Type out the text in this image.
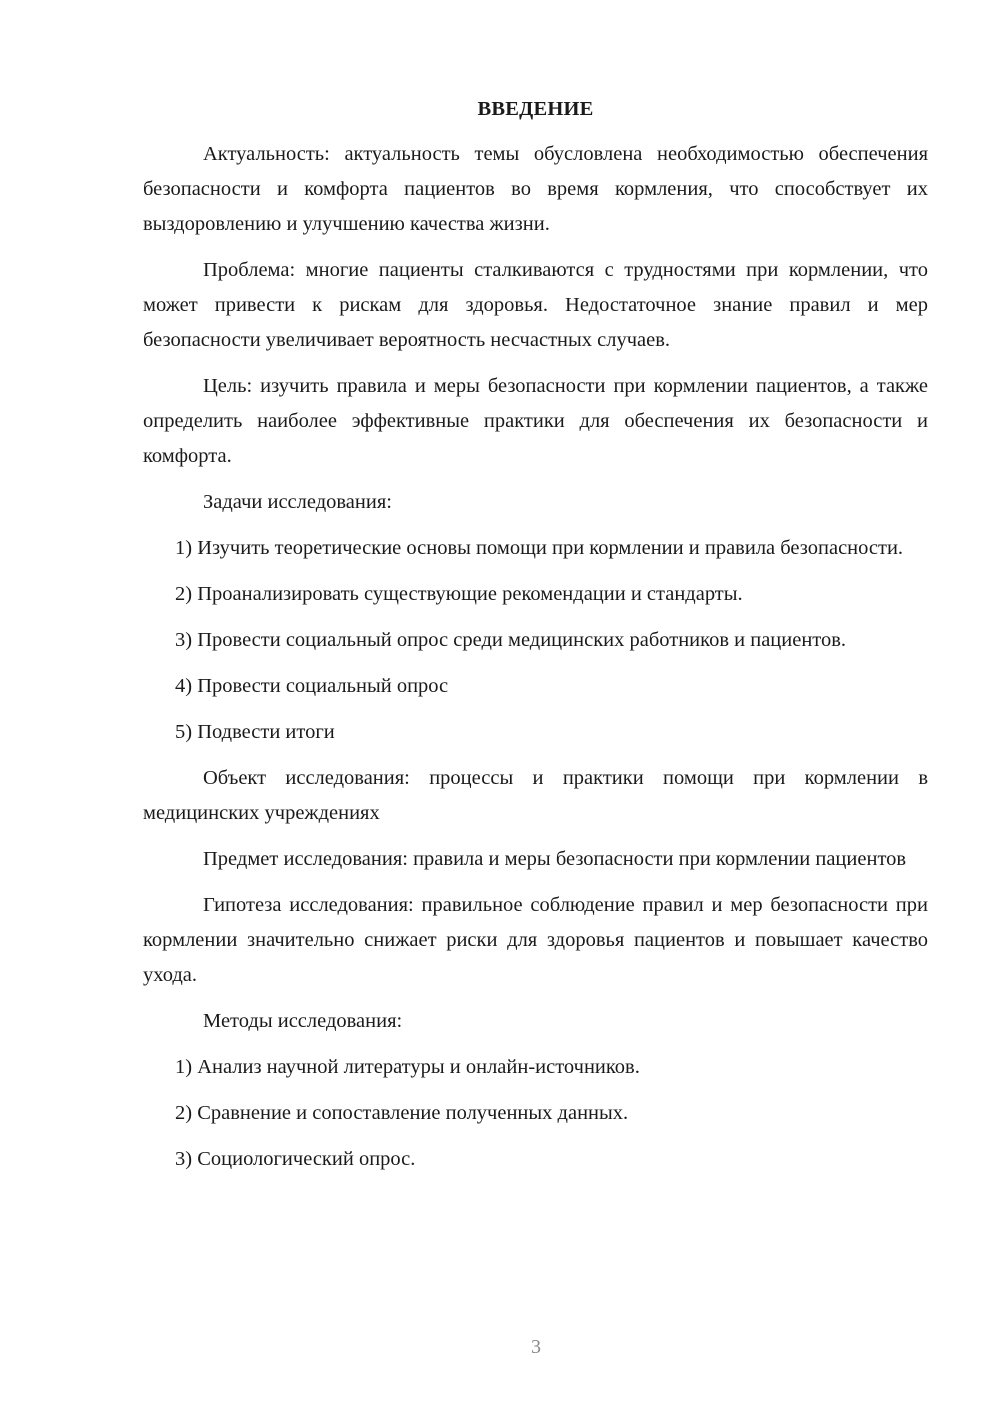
ВВЕДЕНИЕ

Актуальность: актуальность темы обусловлена необходимостью обеспечения безопасности и комфорта пациентов во время кормления, что способствует их выздоровлению и улучшению качества жизни.

Проблема: многие пациенты сталкиваются с трудностями при кормлении, что может привести к рискам для здоровья. Недостаточное знание правил и мер безопасности увеличивает вероятность несчастных случаев.

Цель: изучить правила и меры безопасности при кормлении пациентов, а также определить наиболее эффективные практики для обеспечения их безопасности и комфорта.

Задачи исследования:

1) Изучить теоретические основы помощи при кормлении и правила безопасности.

2) Проанализировать существующие рекомендации и стандарты.

3) Провести социальный опрос среди медицинских работников и пациентов.

4) Провести социальный опрос

5) Подвести итоги

Объект исследования: процессы и практики помощи при кормлении в медицинских учреждениях

Предмет исследования: правила и меры безопасности при кормлении пациентов

Гипотеза исследования: правильное соблюдение правил и мер безопасности при кормлении значительно снижает риски для здоровья пациентов и повышает качество ухода.

Методы исследования:

1) Анализ научной литературы и онлайн-источников.

2) Сравнение и сопоставление полученных данных.

3) Социологический опрос.

3
